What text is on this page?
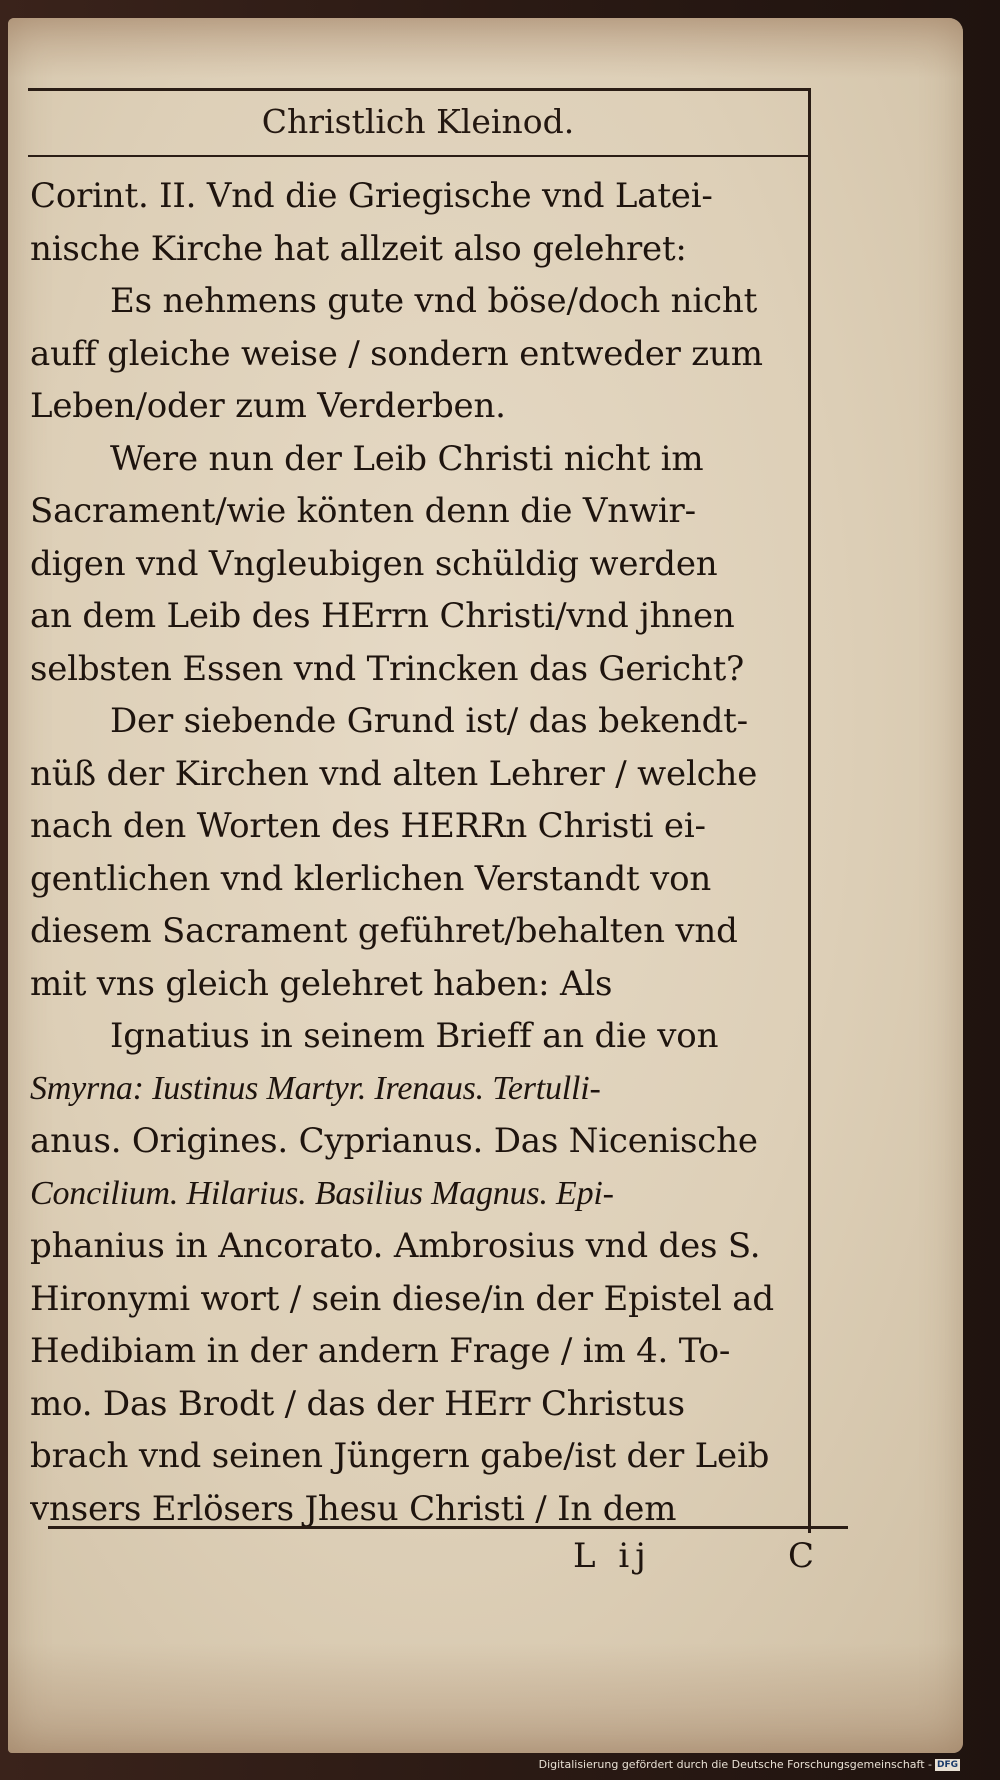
Christlich Kleinod.
Corint. II. Vnd die Griegische vnd Latei-
nische Kirche hat allzeit also gelehret:
Es nehmens gute vnd böse/doch nicht
auff gleiche weise / sondern entweder zum
Leben/oder zum Verderben.
Were nun der Leib Christi nicht im
Sacrament/wie könten denn die Vnwir-
digen vnd Vngleubigen schüldig werden
an dem Leib des HErrn Christi/vnd jhnen
selbsten Essen vnd Trincken das Gericht?
Der siebende Grund ist/ das bekendt-
nüß der Kirchen vnd alten Lehrer / welche
nach den Worten des HERRn Christi ei-
gentlichen vnd klerlichen Verstandt von
diesem Sacrament geführet/behalten vnd
mit vns gleich gelehret haben: Als
Ignatius in seinem Brieff an die von
Smyrna: Iustinus Martyr. Irenaus. Tertulli-
anus. Origines. Cyprianus. Das Nicenische
Concilium. Hilarius. Basilius Magnus. Epi-
phanius in Ancorato. Ambrosius vnd des S.
Hironymi wort / sein diese/in der Epistel ad
Hedibiam in der andern Frage / im 4. To-
mo. Das Brodt / das der HErr Christus
brach vnd seinen Jüngern gabe/ist der Leib
vnsers Erlösers Jhesu Christi / In dem
L ij	C
Digitalisierung gefördert durch die Deutsche Forschungsgemeinschaft - DFG
